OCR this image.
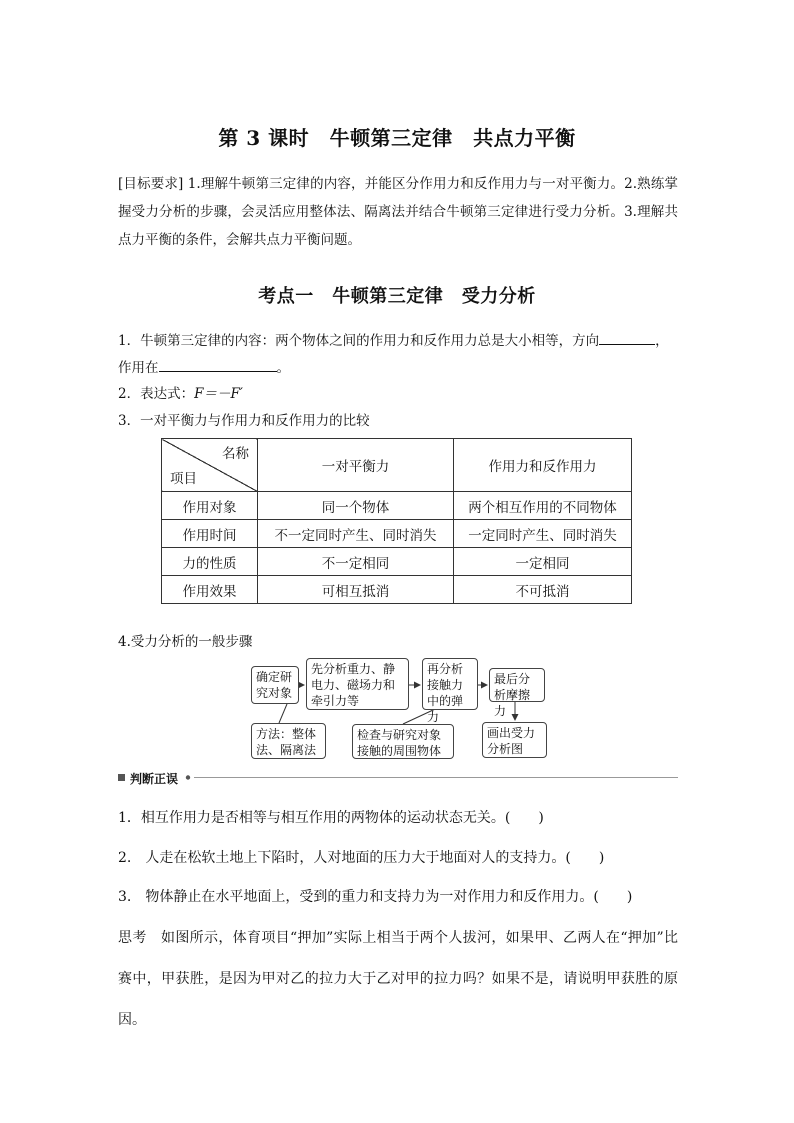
第 3 课时　牛顿第三定律　共点力平衡
[目标要求] 1.理解牛顿第三定律的内容，并能区分作用力和反作用力与一对平衡力。2.熟练掌握受力分析的步骤，会灵活应用整体法、隔离法并结合牛顿第三定律进行受力分析。3.理解共点力平衡的条件，会解共点力平衡问题。
考点一　牛顿第三定律　受力分析
1．牛顿第三定律的内容：两个物体之间的作用力和反作用力总是大小相等，方向	，
作用在	。
2．表达式：F＝－F′
3．一对平衡力与作用力和反作用力的比较
名称
项目	一对平衡力	作用力和反作用力
作用对象	同一个物体	两个相互作用的不同物体
作用时间	不一定同时产生、同时消失	一定同时产生、同时消失
力的性质	不一定相同	一定相同
作用效果	可相互抵消	不可抵消
4.受力分析的一般步骤
确定研究对象
先分析重力、静电力、磁场力和牵引力等
再分析接触力中的弹力
最后分析摩擦力
方法：整体法、隔离法
检查与研究对象接触的周围物体
画出受力分析图
判断正误
1．相互作用力是否相等与相互作用的两物体的运动状态无关。(　　)
2.　人走在松软土地上下陷时，人对地面的压力大于地面对人的支持力。(　　)
3.　物体静止在水平地面上，受到的重力和支持力为一对作用力和反作用力。(　　)
思考　 如图所示，体育项目“押加”实际上相当于两个人拔河，如果甲、乙两人在“押加”比赛中，甲获胜，是因为甲对乙的拉力大于乙对甲的拉力吗？如果不是，请说明甲获胜的原因。
